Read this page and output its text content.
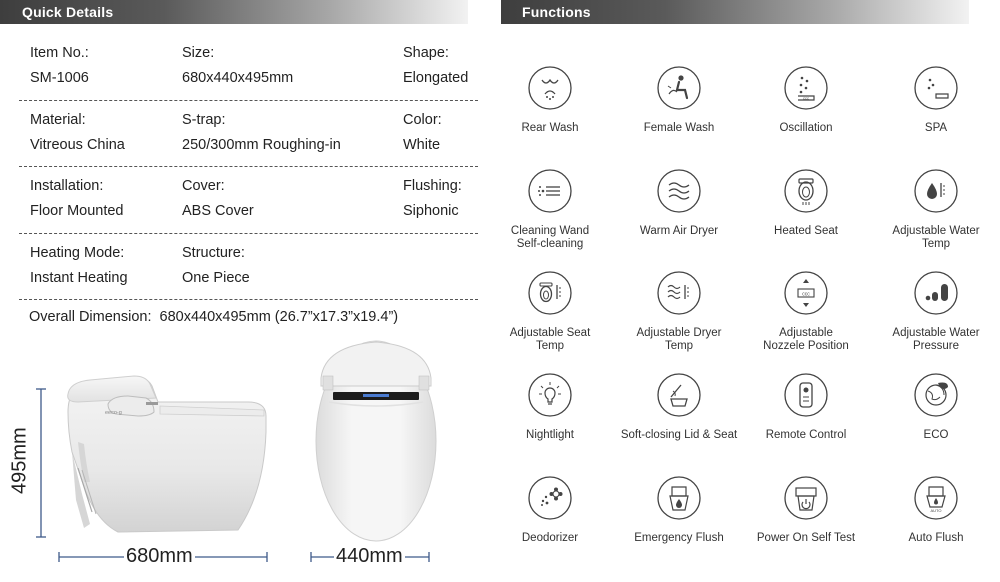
Quick Details	Functions
Item No.:
SM-1006
Size:
680x440x495mm
Shape:
Elongated
Material:
Vitreous China
S-trap:
250/300mm Roughing-in
Color:
White
Installation:
Floor Mounted
Cover:
ABS Cover
Flushing:
Siphonic
Heating Mode:
Instant Heating
Structure:
One Piece
Overall Dimension:  680x440x495mm (26.7”x17.3”x19.4”)
eeco-g
495mm
680mm	440mm
Rear Wash	Female Wash
ccc
Oscillation	SPA
Cleaning Wand
Self-cleaning
Warm Air Dryer	Heated Seat	Adjustable Water
Temp
Adjustable Seat
Temp
Adjustable Dryer
Temp
ccc
Adjustable
Nozzele Position
Adjustable Water
Pressure
Nightlight	Soft-closing Lid & Seat	Remote Control	ECO
Deodorizer	Emergency Flush	Power On Self Test
AUTO
Auto Flush
